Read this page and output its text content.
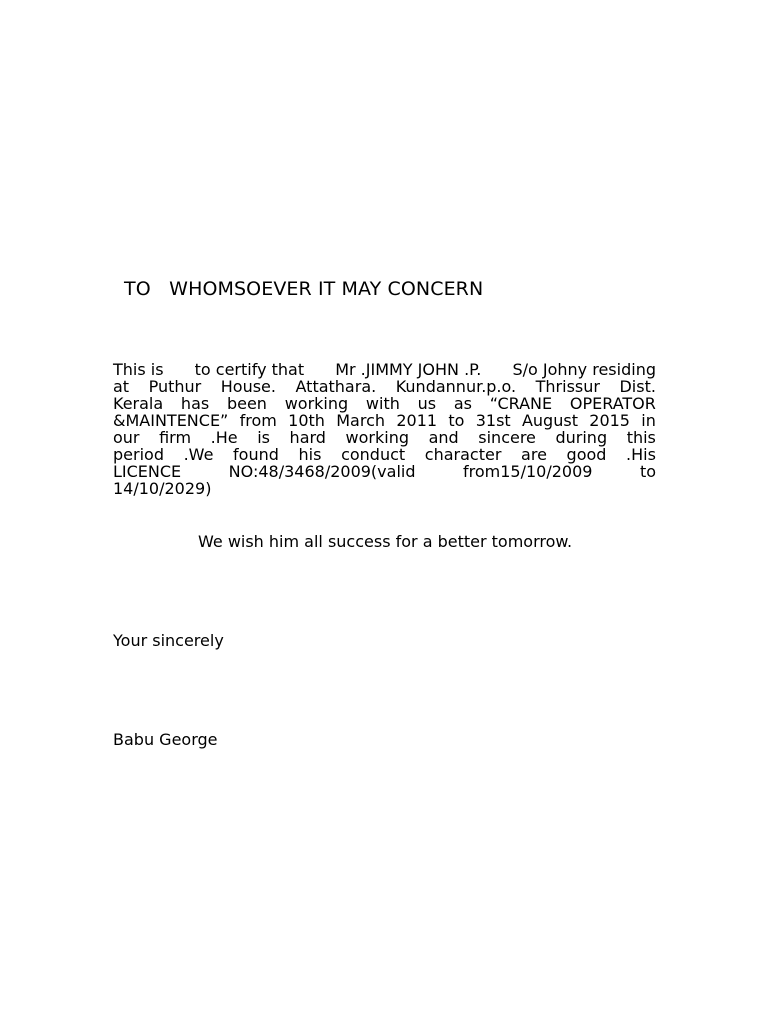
TO   WHOMSOEVER IT MAY CONCERN
This is to certify that Mr .JIMMY JOHN .P. S/o Johny residing
at Puthur House. Attathara. Kundannur.p.o. Thrissur Dist.
Kerala has been working with us as “CRANE OPERATOR
&MAINTENCE” from 10th March 2011 to 31st August 2015 in
our firm .He is hard working and sincere during this
period .We found his conduct character are good .His
LICENCE	NO:48/3468/2009(valid	from15/10/2009	to
14/10/2029)
We wish him all success for a better tomorrow.
Your sincerely
Babu George
